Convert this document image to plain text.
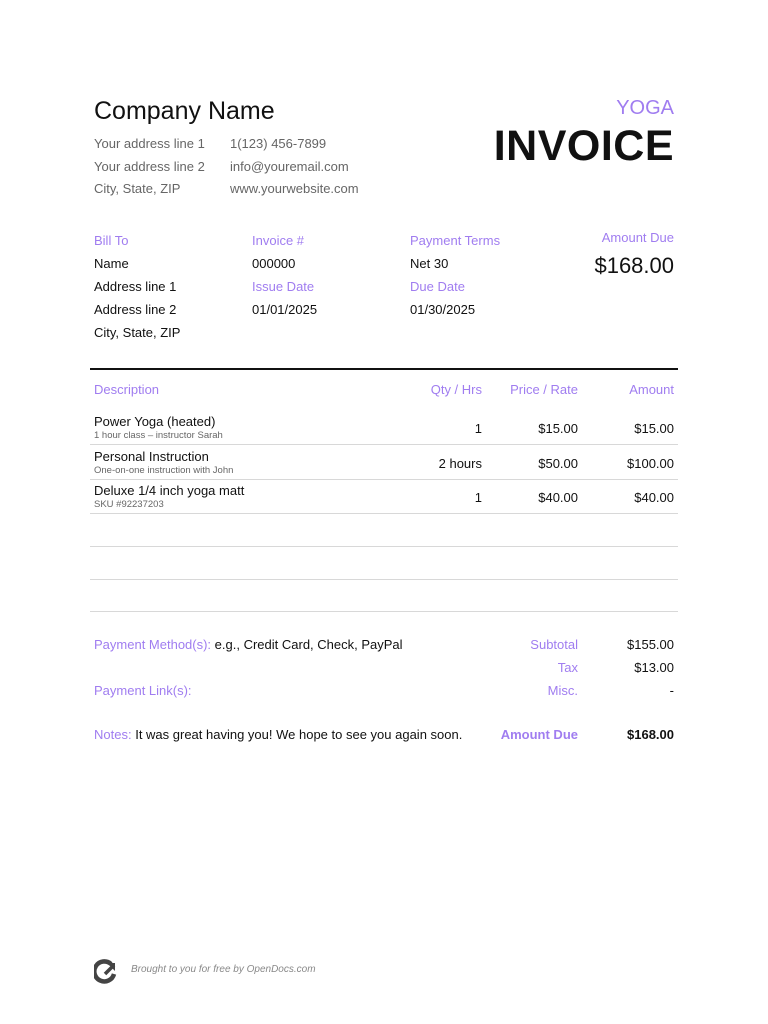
Company Name
Your address line 1
Your address line 2
City, State, ZIP
1(123) 456-7899
info@youremail.com
www.yourwebsite.com
YOGA
INVOICE
Bill To
Name
Address line 1
Address line 2
City, State, ZIP
Invoice #
000000
Issue Date
01/01/2025
Payment Terms
Net 30
Due Date
01/30/2025
Amount Due
$168.00
Description	Qty / Hrs Price / Rate	Amount
Power Yoga (heated)
1 hour class – instructor Sarah	1	$15.00	$15.00
Personal Instruction
One-on-one instruction with John	2 hours	$50.00	$100.00
Deluxe 1/4 inch yoga matt
SKU #92237203	1	$40.00	$40.00
Payment Method(s): e.g., Credit Card, Check, PayPal
Payment Link(s):
Notes: It was great having you! We hope to see you again soon.
Subtotal	$155.00
Tax	$13.00
Misc.	-
Amount Due	$168.00
Brought to you for free by OpenDocs.com
